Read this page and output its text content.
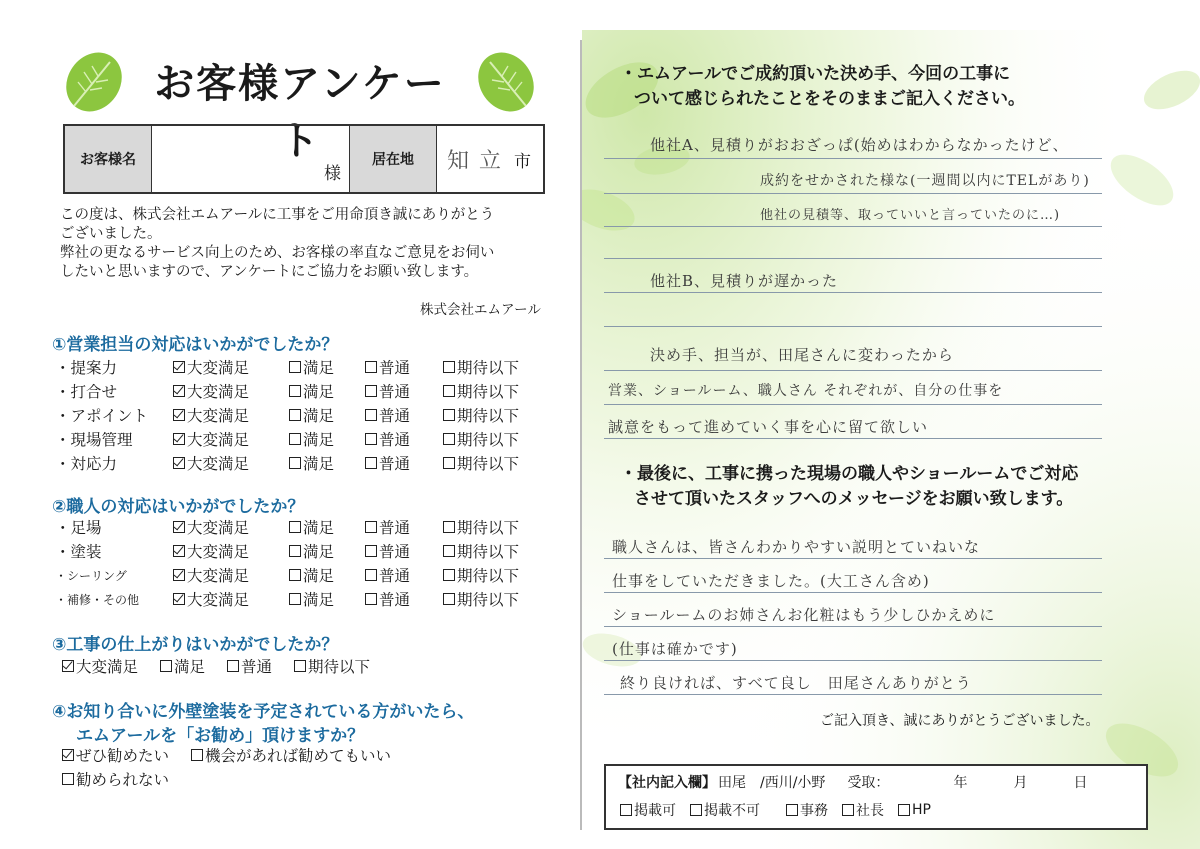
お客様アンケート
お客様名
様
居在地	知立 市

この度は、株式会社エムアールに工事をご用命頂き誠にありがとう

ございました。

弊社の更なるサービス向上のため、お客様の率直なご意見をお伺い

したいと思いますので、アンケートにご協力をお願い致します。

株式会社エムアール
①営業担当の対応はいかがでしたか？
・提案力	大変満足	満足	普通	期待以下
・打合せ	大変満足	満足	普通	期待以下
・アポイント	大変満足	満足	普通	期待以下
・現場管理	大変満足	満足	普通	期待以下
・対応力	大変満足	満足	普通	期待以下
②職人の対応はいかがでしたか？
・足場	大変満足	満足	普通	期待以下
・塗装	大変満足	満足	普通	期待以下
・シーリング	大変満足	満足	普通	期待以下
・補修・その他	大変満足	満足	普通	期待以下
③工事の仕上がりはいかがでしたか？
大変満足 満足 普通 期待以下
④お知り合いに外壁塗装を予定されている方がいたら、
エムアールを「お勧め」頂けますか？
ぜひ勧めたい 機会があれば勧めてもいい
勧められない
・エムアールでご成約頂いた決め手、今回の工事に
ついて感じられたことをそのままご記入ください。
他社A、見積りがおおざっぱ(始めはわからなかったけど、
成約をせかされた様な(一週間以内にTELがあり)
他社の見積等、取っていいと言っていたのに…)
他社B、見積りが遅かった
決め手、担当が、田尾さんに変わったから
営業、ショールーム、職人さん それぞれが、自分の仕事を
誠意をもって進めていく事を心に留て欲しい
・最後に、工事に携った現場の職人やショールームでご対応
させて頂いたスタッフへのメッセージをお願い致します。
職人さんは、皆さんわかりやすい説明とていねいな
仕事をしていただきました。(大工さん含め)
ショールームのお姉さんお化粧はもう少しひかえめに
(仕事は確かです)
終り良ければ、すべて良し　田尾さんありがとう
ご記入頂き、誠にありがとうございました。
【社内記入欄】 田尾　/西川/小野 受取：	年	月	日
掲載可 掲載不可	事務 社長 HP
